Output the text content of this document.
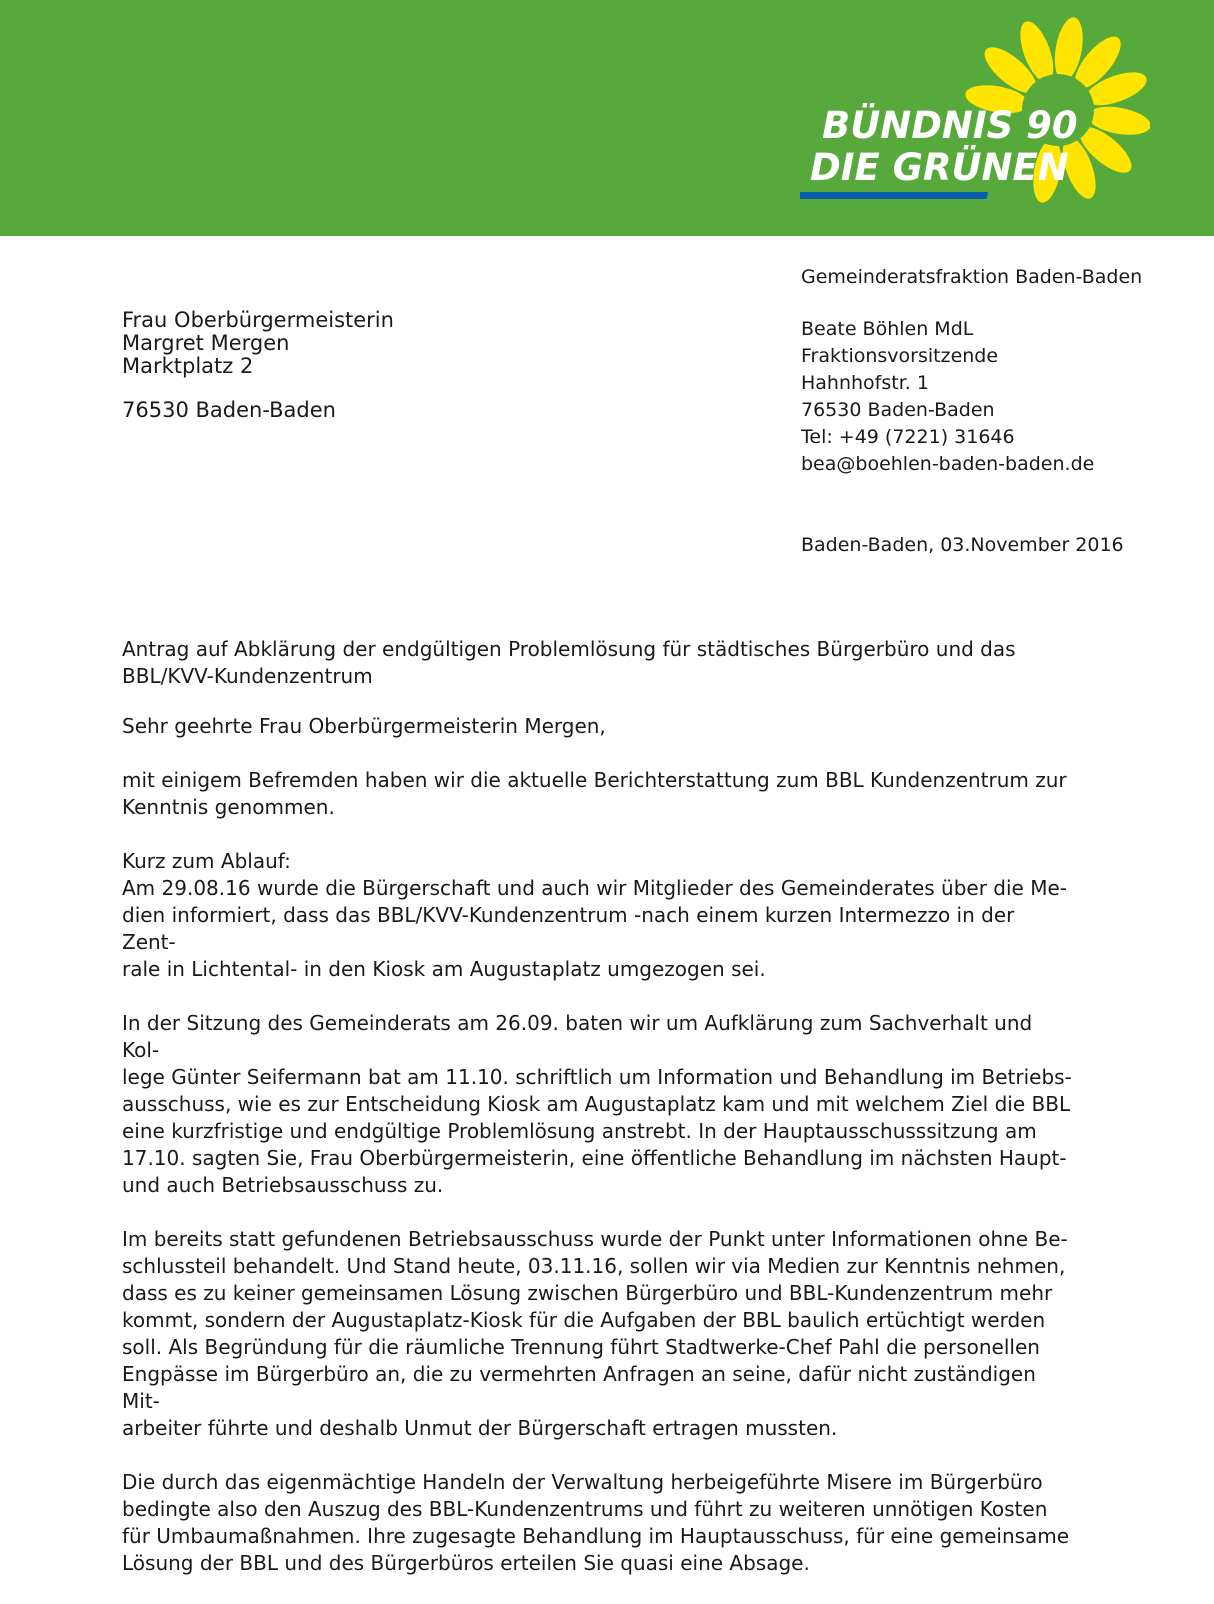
BÜNDNIS 90
DIE GRÜNEN
Gemeinderatsfraktion Baden-Baden
Beate Böhlen MdL
Fraktionsvorsitzende
Hahnhofstr. 1
76530 Baden-Baden
Tel: +49 (7221) 31646
bea@boehlen-baden-baden.de
Baden-Baden, 03.November 2016
Frau Oberbürgermeisterin
Margret Mergen
Marktplatz 2
76530 Baden-Baden

Antrag auf Abklärung der endgültigen Problemlösung für städtisches Bürgerbüro und das
BBL/KVV-Kundenzentrum

Sehr geehrte Frau Oberbürgermeisterin Mergen,

mit einigem Befremden haben wir die aktuelle Berichterstattung zum BBL Kundenzentrum zur
Kenntnis genommen.

Kurz zum Ablauf:
Am 29.08.16 wurde die Bürgerschaft und auch wir Mitglieder des Gemeinderates über die Me-
dien informiert, dass das BBL/KVV-Kundenzentrum -nach einem kurzen Intermezzo in der Zent-
rale in Lichtental- in den Kiosk am Augustaplatz umgezogen sei.

In der Sitzung des Gemeinderats am 26.09. baten wir um Aufklärung zum Sachverhalt und Kol-
lege Günter Seifermann bat am 11.10. schriftlich um Information und Behandlung im Betriebs-
ausschuss, wie es zur Entscheidung Kiosk am Augustaplatz kam und mit welchem Ziel die BBL
eine kurzfristige und endgültige Problemlösung anstrebt. In der Hauptausschusssitzung am
17.10. sagten Sie, Frau Oberbürgermeisterin, eine öffentliche Behandlung im nächsten Haupt-
und auch Betriebsausschuss zu.

Im bereits statt gefundenen Betriebsausschuss wurde der Punkt unter Informationen ohne Be-
schlussteil behandelt. Und Stand heute, 03.11.16, sollen wir via Medien zur Kenntnis nehmen,
dass es zu keiner gemeinsamen Lösung zwischen Bürgerbüro und BBL-Kundenzentrum mehr
kommt, sondern der Augustaplatz-Kiosk für die Aufgaben der BBL baulich ertüchtigt werden
soll. Als Begründung für die räumliche Trennung führt Stadtwerke-Chef Pahl die personellen
Engpässe im Bürgerbüro an, die zu vermehrten Anfragen an seine, dafür nicht zuständigen Mit-
arbeiter führte und deshalb Unmut der Bürgerschaft ertragen mussten.

Die durch das eigenmächtige Handeln der Verwaltung herbeigeführte Misere im Bürgerbüro
bedingte also den Auszug des BBL-Kundenzentrums und führt zu weiteren unnötigen Kosten
für Umbaumaßnahmen. Ihre zugesagte Behandlung im Hauptausschuss, für eine gemeinsame
Lösung der BBL und des Bürgerbüros erteilen Sie quasi eine Absage.
